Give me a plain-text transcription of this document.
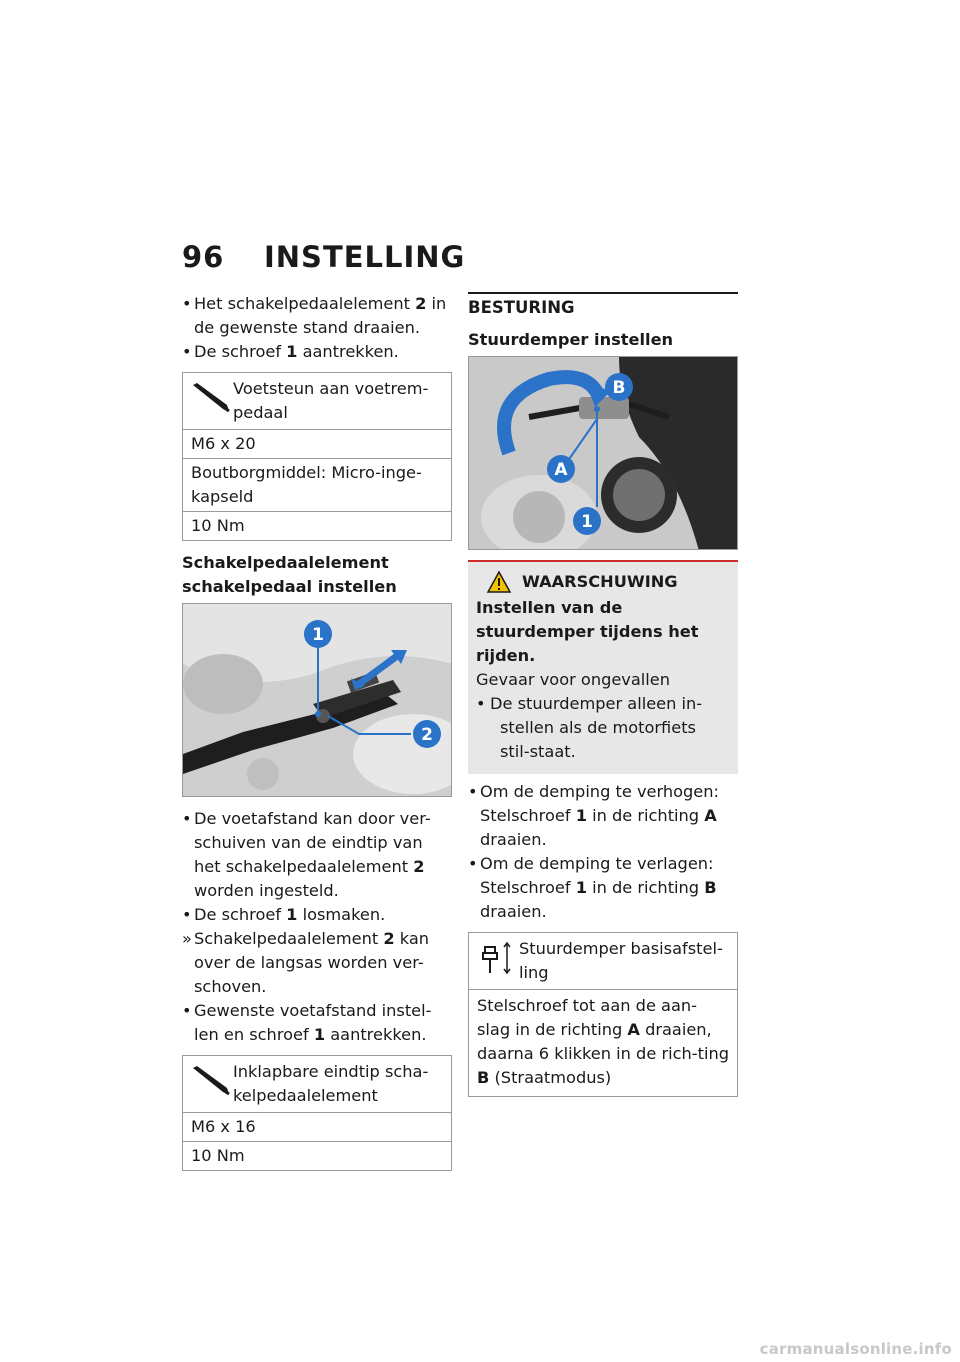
96 INSTELLING
• Het schakelpedaalelement 2 in de gewenste stand draaien.
• De schroef 1 aantrekken.
Voetsteun aan voetrem-pedaal
M6 x 20
Boutborgmiddel: Micro-inge-kapseld
10 Nm
Schakelpedaalelement
schakelpedaal instellen
1
2
• De voetafstand kan door ver-schuiven van de eindtip van het schakelpedaalelement 2 worden ingesteld.
• De schroef 1 losmaken.
» Schakelpedaalelement 2 kan over de langsas worden ver-schoven.
• Gewenste voetafstand instel-len en schroef 1 aantrekken.
Inklapbare eindtip scha-kelpedaalelement
M6 x 16
10 Nm
BESTURING
Stuurdemper instellen
B
A
1
WAARSCHUWING
Instellen van de stuurdemper tijdens het rijden.
Gevaar voor ongevallen
• De stuurdemper alleen in-
stellen als de motorfiets stil-staat.
• Om de demping te verhogen:
Stelschroef 1 in de richting A draaien.
• Om de demping te verlagen:
Stelschroef 1 in de richting B draaien.
Stuurdemper basisafstel-ling
Stelschroef tot aan de aan-slag in de richting A draaien, daarna 6 klikken in de rich-ting B (Straatmodus)
carmanualsonline.info
